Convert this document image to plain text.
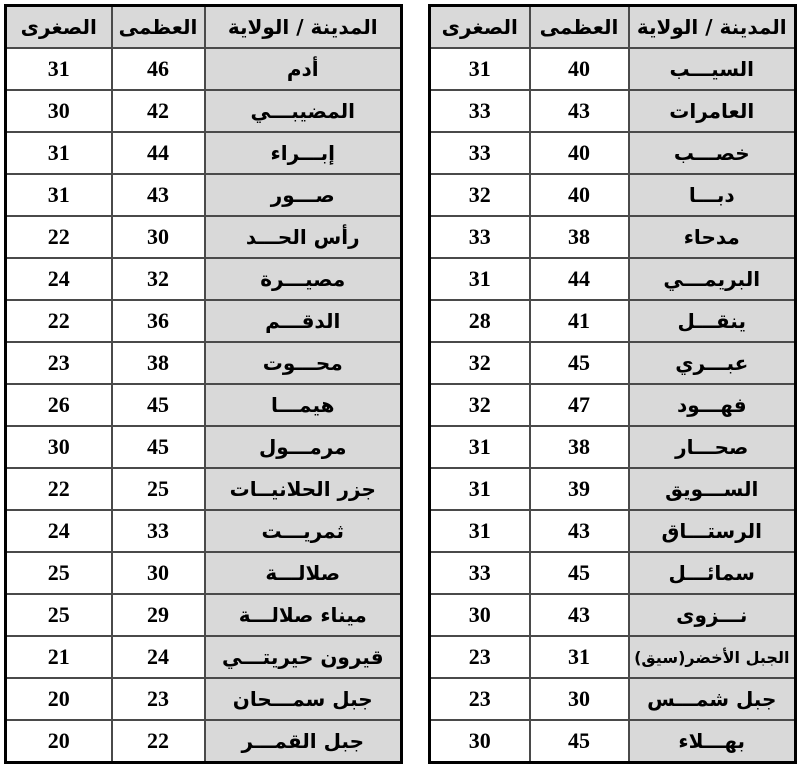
المدينة / الولاية	العظمى	الصغرى
أدم	46	31
المضيبـــي	42	30
إبـــراء	44	31
صـــور	43	31
رأس الحـــد	30	22
مصيـــرة	32	24
الدقـــم	36	22
محـــوت	38	23
هيمـــا	45	26
مرمـــول	45	30
جزر الحلانيــات	25	22
ثمريـــت	33	24
صلالـــة	30	25
ميناء صلالـــة	29	25
قيرون حيريتـــي	24	21
جبل سمـــحان	23	20
جبل القمـــر	22	20
المدينة / الولاية	العظمى	الصغرى
السيـــب	40	31
العامرات	43	33
خصـــب	40	33
دبـــا	40	32
مدحاء	38	33
البريمـــي	44	31
ينقـــل	41	28
عبـــري	45	32
فهـــود	47	32
صحـــار	38	31
الســـويق	39	31
الرستـــاق	43	31
سمائـــل	45	33
نـــزوى	43	30
الجبل الأخضر(سيق)	31	23
جبل شمـــس	30	23
بهـــلاء	45	30
